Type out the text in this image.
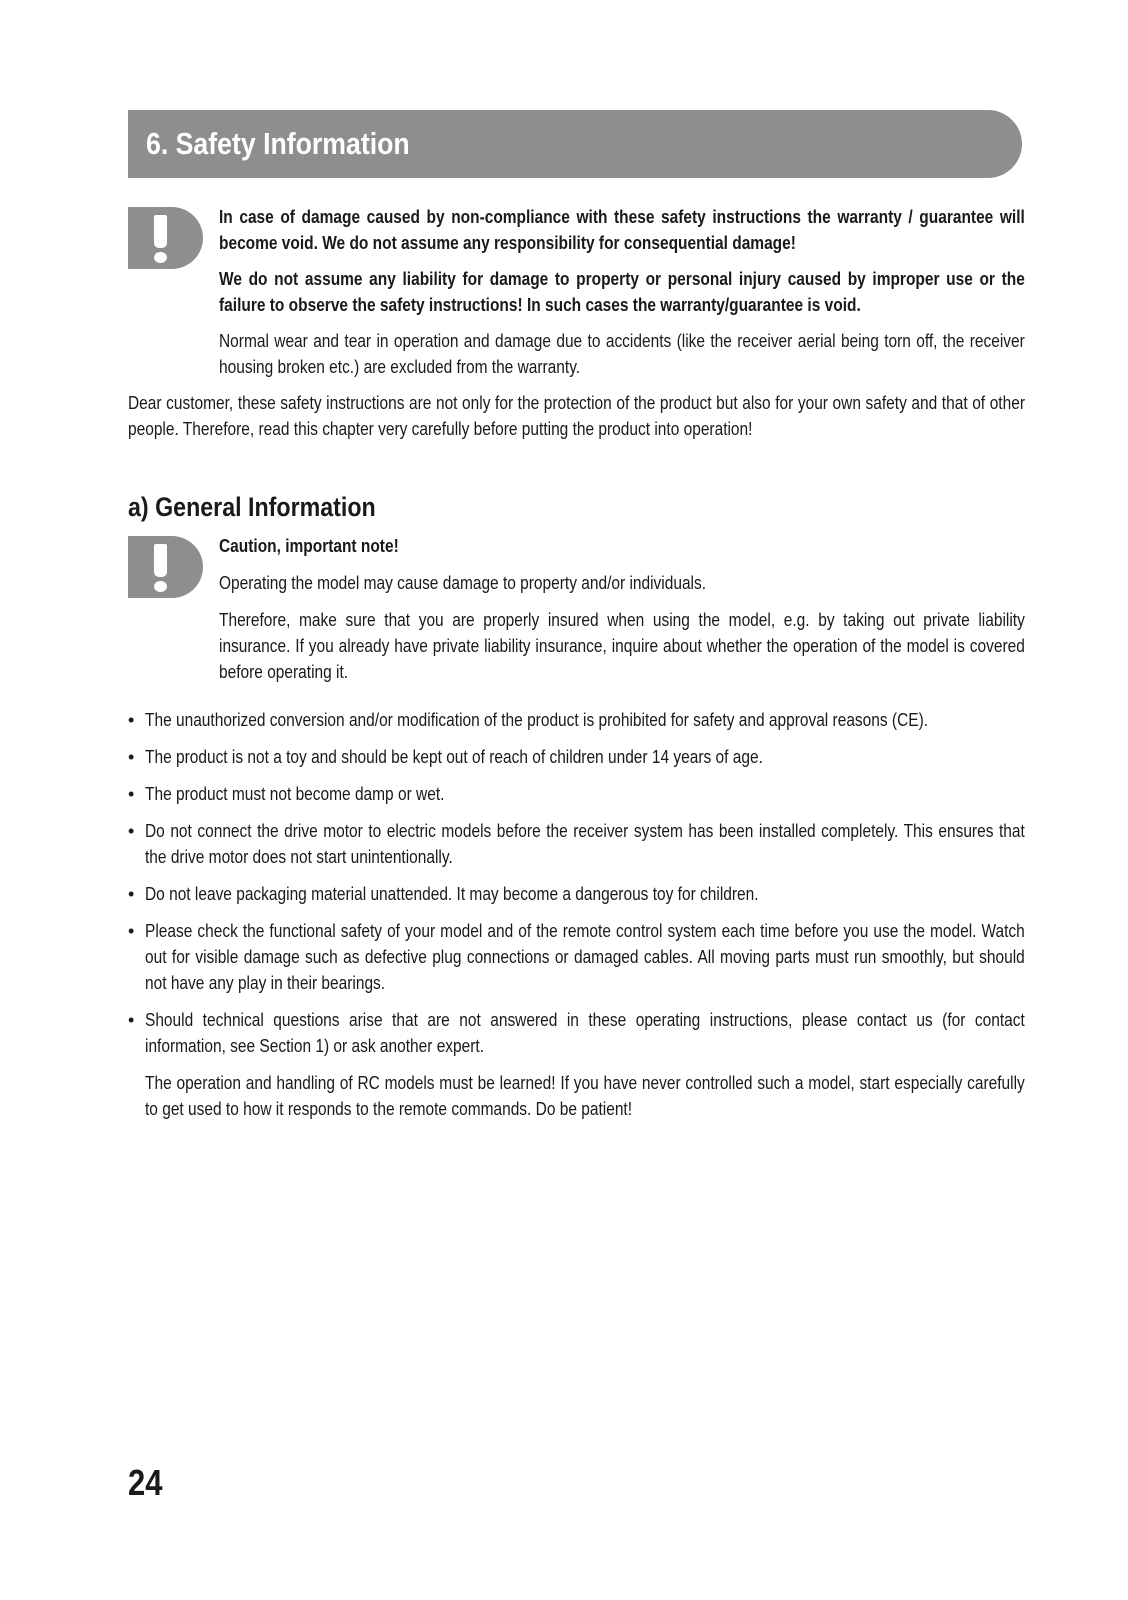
6. Safety Information

In case of damage caused by non-compliance with these safety instructions the warranty / guarantee will become void. We do not assume any responsibility for consequential damage!

We do not assume any liability for damage to property or personal injury caused by improper use or the failure to observe the safety instructions! In such cases the warranty/guarantee is void.

Normal wear and tear in operation and damage due to accidents (like the receiver aerial being torn off, the receiver housing broken etc.) are excluded from the warranty.

Dear customer, these safety instructions are not only for the protection of the product but also for your own safety and that of other people. Therefore, read this chapter very carefully before putting the product into operation!

a) General Information

Caution, important note!

Operating the model may cause damage to property and/or individuals.

Therefore, make sure that you are properly insured when using the model, e.g. by taking out private liability insurance. If you already have private liability insurance, inquire about whether the operation of the model is covered before operating it.

• The unauthorized conversion and/or modification of the product is prohibited for safety and approval reasons (CE).
• The product is not a toy and should be kept out of reach of children under 14 years of age.
• The product must not become damp or wet.
• Do not connect the drive motor to electric models before the receiver system has been installed completely. This ensures that the drive motor does not start unintentionally.
• Do not leave packaging material unattended. It may become a dangerous toy for children.
• Please check the functional safety of your model and of the remote control system each time before you use the model. Watch out for visible damage such as defective plug connections or damaged cables. All moving parts must run smoothly, but should not have any play in their bearings.
• Should technical questions arise that are not answered in these operating instructions, please contact us (for contact information, see Section 1) or ask another expert.
The operation and handling of RC models must be learned! If you have never controlled such a model, start especially carefully to get used to how it responds to the remote commands. Do be patient!

24
